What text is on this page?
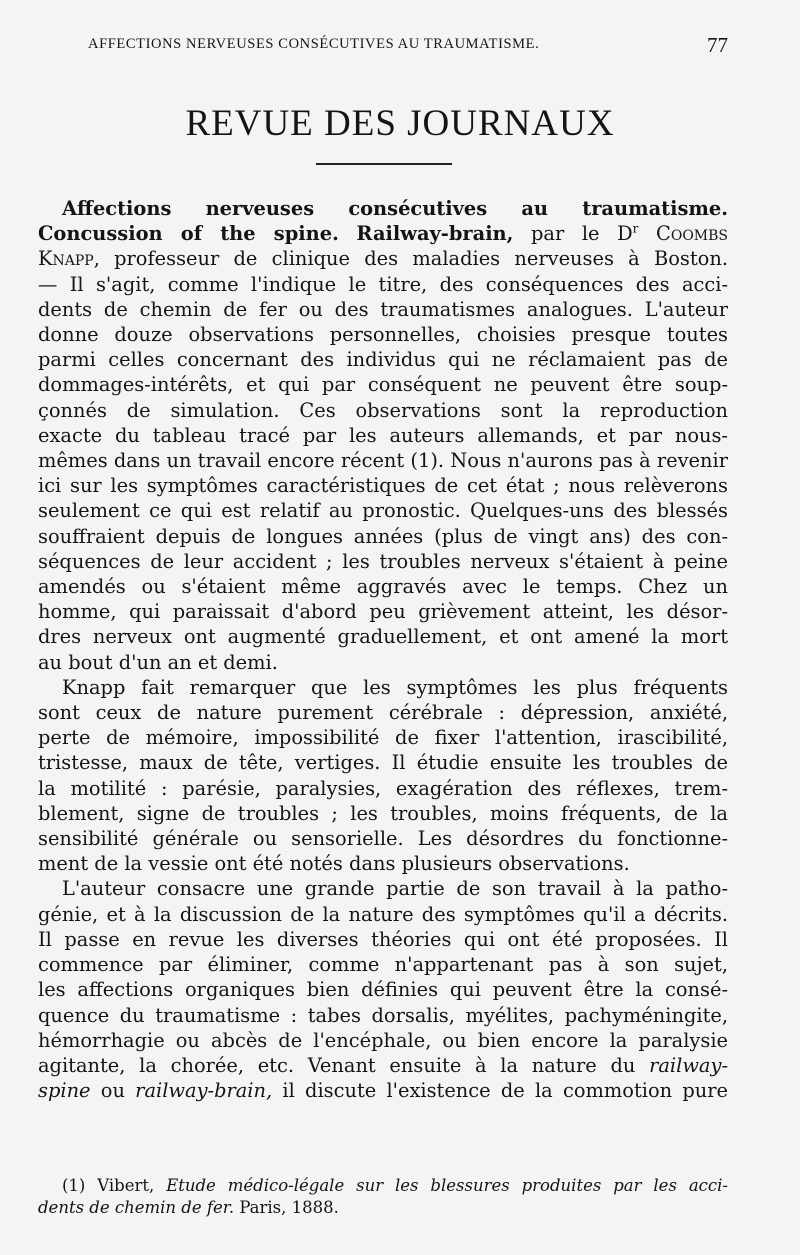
AFFECTIONS NERVEUSES CONSÉCUTIVES AU TRAUMATISME.	77
REVUE DES JOURNAUX
Affections nerveuses consécutives au traumatisme.
Concussion of the spine. Railway-brain, par le $D^r$ Coombs
Knapp, professeur de clinique des maladies nerveuses à Boston.
— Il s'agit, comme l'indique le titre, des conséquences des acci-
dents de chemin de fer ou des traumatismes analogues. L'auteur
donne douze observations personnelles, choisies presque toutes
parmi celles concernant des individus qui ne réclamaient pas de
dommages-intérêts, et qui par conséquent ne peuvent être soup-
çonnés de simulation. Ces observations sont la reproduction
exacte du tableau tracé par les auteurs allemands, et par nous-
mêmes dans un travail encore récent (1). Nous n'aurons pas à revenir
ici sur les symptômes caractéristiques de cet état ; nous relèverons
seulement ce qui est relatif au pronostic. Quelques-uns des blessés
souffraient depuis de longues années (plus de vingt ans) des con-
séquences de leur accident ; les troubles nerveux s'étaient à peine
amendés ou s'étaient même aggravés avec le temps. Chez un
homme, qui paraissait d'abord peu grièvement atteint, les désor-
dres nerveux ont augmenté graduellement, et ont amené la mort
au bout d'un an et demi.
Knapp fait remarquer que les symptômes les plus fréquents
sont ceux de nature purement cérébrale : dépression, anxiété,
perte de mémoire, impossibilité de fixer l'attention, irascibilité,
tristesse, maux de tête, vertiges. Il étudie ensuite les troubles de
la motilité : parésie, paralysies, exagération des réflexes, trem-
blement, signe de troubles ; les troubles, moins fréquents, de la
sensibilité générale ou sensorielle. Les désordres du fonctionne-
ment de la vessie ont été notés dans plusieurs observations.
L'auteur consacre une grande partie de son travail à la patho-
génie, et à la discussion de la nature des symptômes qu'il a décrits.
Il passe en revue les diverses théories qui ont été proposées. Il
commence par éliminer, comme n'appartenant pas à son sujet,
les affections organiques bien définies qui peuvent être la consé-
quence du traumatisme : tabes dorsalis, myélites, pachyméningite,
hémorrhagie ou abcès de l'encéphale, ou bien encore la paralysie
agitante, la chorée, etc. Venant ensuite à la nature du railway-
spine ou railway-brain, il discute l'existence de la commotion pure
(1) Vibert, Etude médico-légale sur les blessures produites par les acci-
dents de chemin de fer. Paris, 1888.
